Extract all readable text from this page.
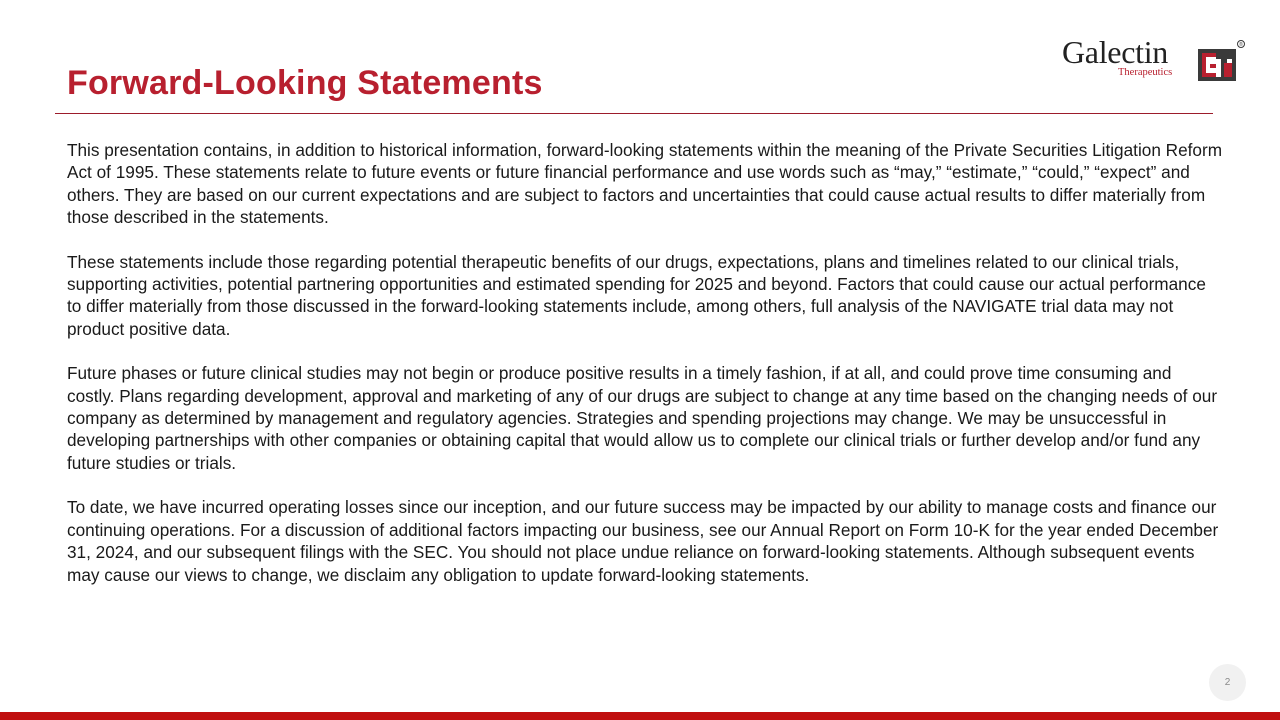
Forward-Looking Statements
Galectin
Therapeutics
®

This presentation contains, in addition to historical information, forward-looking statements within the meaning of the Private Securities Litigation Reform Act of 1995. These statements relate to future events or future financial performance and use words such as “may,” “estimate,” “could,” “expect” and others. They are based on our current expectations and are subject to factors and uncertainties that could cause actual results to differ materially from those described in the statements.

These statements include those regarding potential therapeutic benefits of our drugs, expectations, plans and timelines related to our clinical trials, supporting activities, potential partnering opportunities and estimated spending for 2025 and beyond. Factors that could cause our actual performance to differ materially from those discussed in the forward-looking statements include, among others, full analysis of the NAVIGATE trial data may not product positive data.

Future phases or future clinical studies may not begin or produce positive results in a timely fashion, if at all, and could prove time consuming and costly. Plans regarding development, approval and marketing of any of our drugs are subject to change at any time based on the changing needs of our company as determined by management and regulatory agencies. Strategies and spending projections may change. We may be unsuccessful in developing partnerships with other companies or obtaining capital that would allow us to complete our clinical trials or further develop and/or fund any future studies or trials.

To date, we have incurred operating losses since our inception, and our future success may be impacted by our ability to manage costs and finance our continuing operations. For a discussion of additional factors impacting our business, see our Annual Report on Form 10-K for the year ended December 31, 2024, and our subsequent filings with the SEC. You should not place undue reliance on forward-looking statements. Although subsequent events may cause our views to change, we disclaim any obligation to update forward-looking statements.

2
